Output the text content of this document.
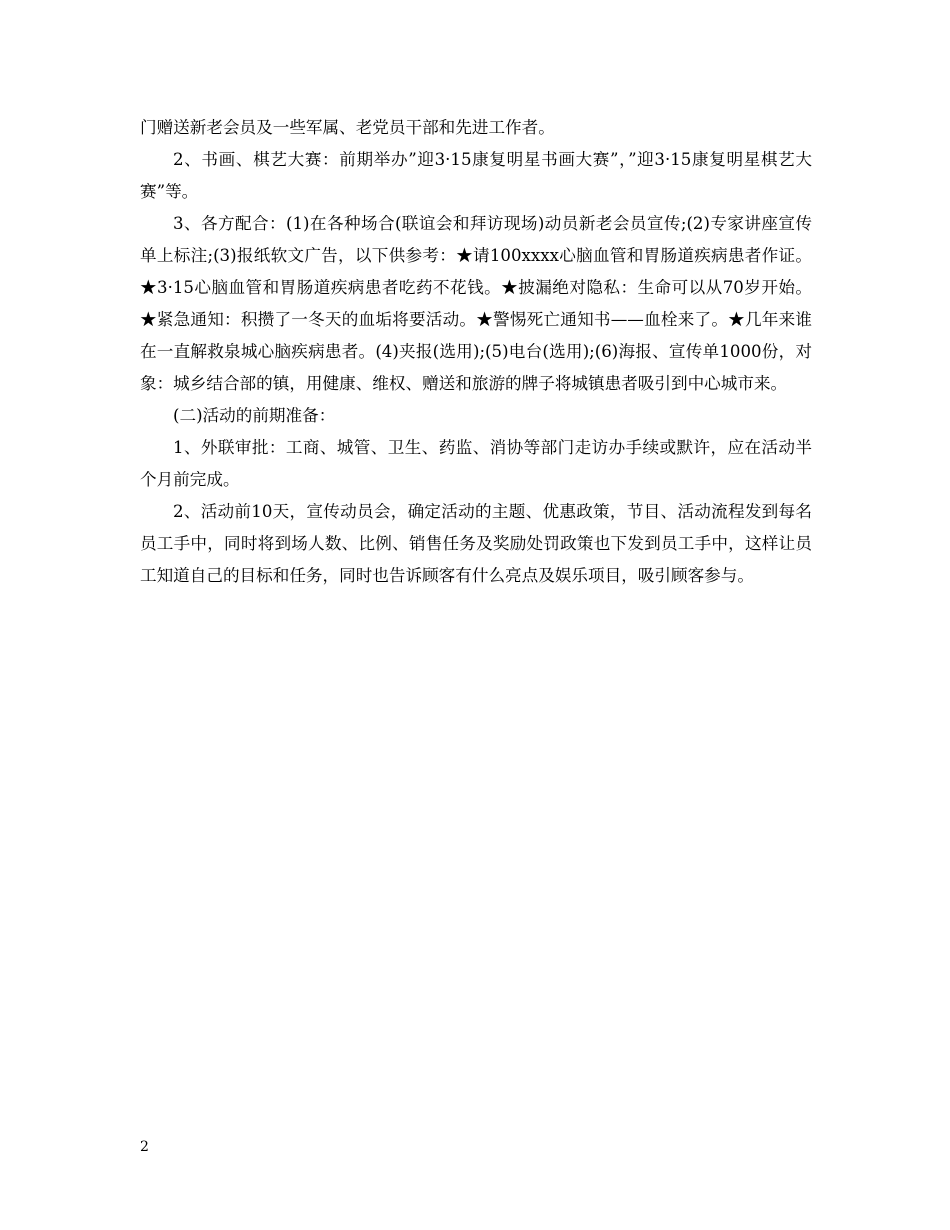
门赠送新老会员及一些军属、老党员干部和先进工作者。

2、书画、棋艺大赛：前期举办”迎3·15康复明星书画大赛”，”迎3·15康复明星棋艺大赛”等。

3、各方配合：(1)在各种场合(联谊会和拜访现场)动员新老会员宣传;(2)专家讲座宣传单上标注;(3)报纸软文广告，以下供参考：★请100xxxx心脑血管和胃肠道疾病患者作证。★3·15心脑血管和胃肠道疾病患者吃药不花钱。★披漏绝对隐私：生命可以从70岁开始。★紧急通知：积攒了一冬天的血垢将要活动。★警惕死亡通知书——血栓来了。★几年来谁在一直解救泉城心脑疾病患者。(4)夹报(选用);(5)电台(选用);(6)海报、宣传单1000份，对象：城乡结合部的镇，用健康、维权、赠送和旅游的牌子将城镇患者吸引到中心城市来。

(二)活动的前期准备：

1、外联审批：工商、城管、卫生、药监、消协等部门走访办手续或默许，应在活动半个月前完成。

2、活动前10天，宣传动员会，确定活动的主题、优惠政策，节目、活动流程发到每名员工手中，同时将到场人数、比例、销售任务及奖励处罚政策也下发到员工手中，这样让员工知道自己的目标和任务，同时也告诉顾客有什么亮点及娱乐项目，吸引顾客参与。

2
